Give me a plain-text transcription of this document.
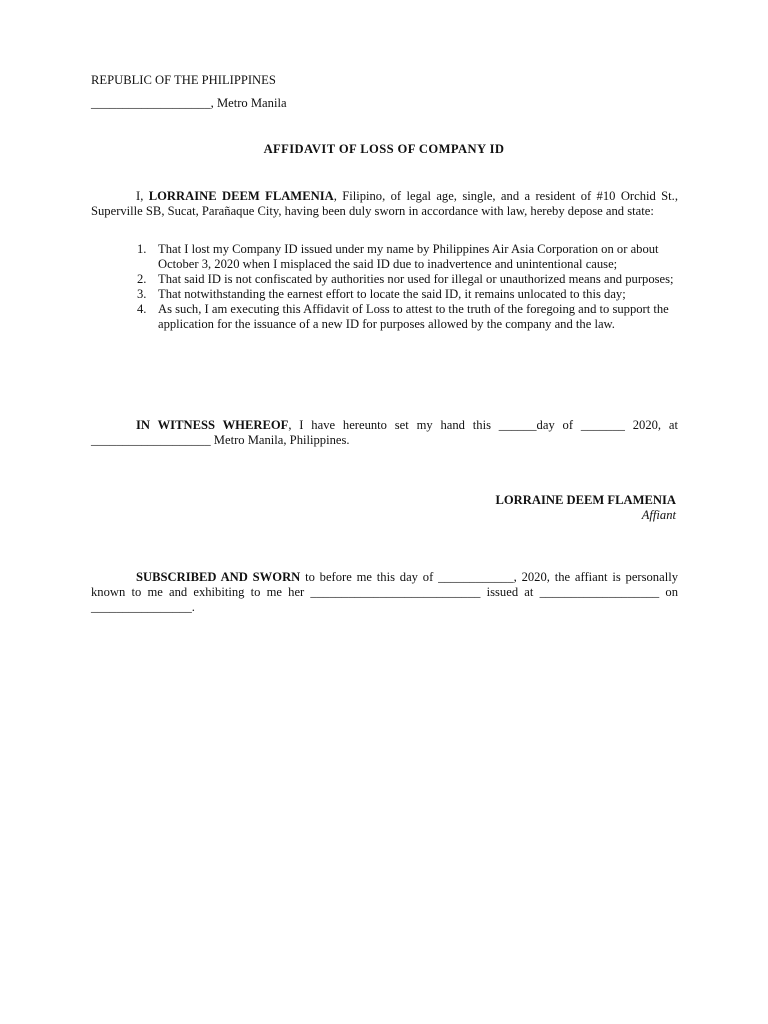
REPUBLIC OF THE PHILIPPINES
___________________, Metro Manila
AFFIDAVIT OF LOSS OF COMPANY ID
I, LORRAINE DEEM FLAMENIA, Filipino, of legal age, single, and a resident of #10 Orchid St., Superville SB, Sucat, Parañaque City, having been duly sworn in accordance with law, hereby depose and state:
1. That I lost my Company ID issued under my name by Philippines Air Asia Corporation on or about October 3, 2020 when I misplaced the said ID due to inadvertence and unintentional cause;
2. That said ID is not confiscated by authorities nor used for illegal or unauthorized means and purposes;
3. That notwithstanding the earnest effort to locate the said ID, it remains unlocated to this day;
4. As such, I am executing this Affidavit of Loss to attest to the truth of the foregoing and to support the application for the issuance of a new ID for purposes allowed by the company and the law.
IN WITNESS WHEREOF, I have hereunto set my hand this ______day of _______ 2020, at ___________________ Metro Manila, Philippines.
LORRAINE DEEM FLAMENIA
Affiant
SUBSCRIBED AND SWORN to before me this day of ____________, 2020, the affiant is personally known to me and exhibiting to me her ___________________________ issued at ___________________ on ________________.
